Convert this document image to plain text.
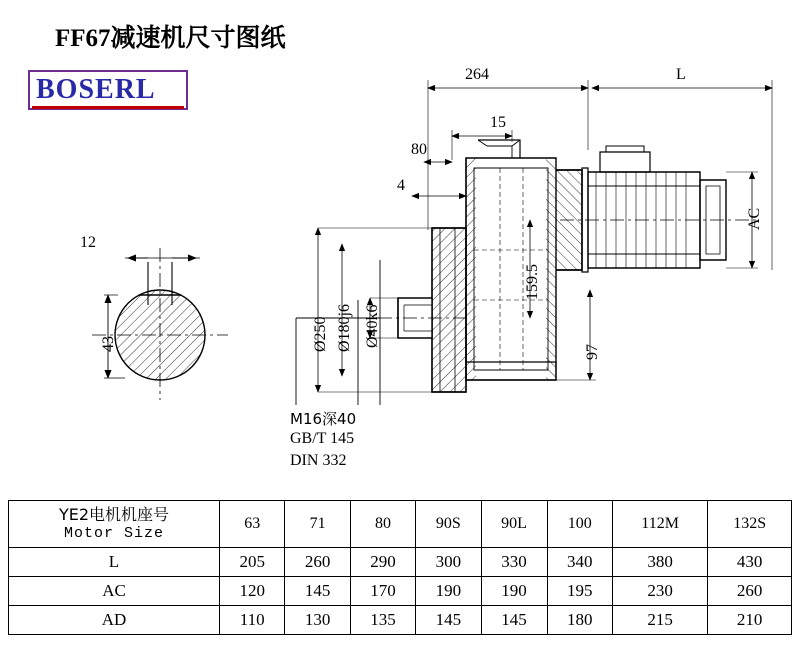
FF67减速机尺寸图纸
BOSERL
12
43
264	L
15
80
4
Ø250 Ø180j6 Ø40k6
159.5
97
AC
M16深40
GB/T 145
DIN 332
YE2电机机座号
Motor Size	63	71	80	90S	90L	100	112M	132S
L	205	260	290	300	330	340	380	430
AC	120	145	170	190	190	195	230	260
AD	110	130	135	145	145	180	215	210
